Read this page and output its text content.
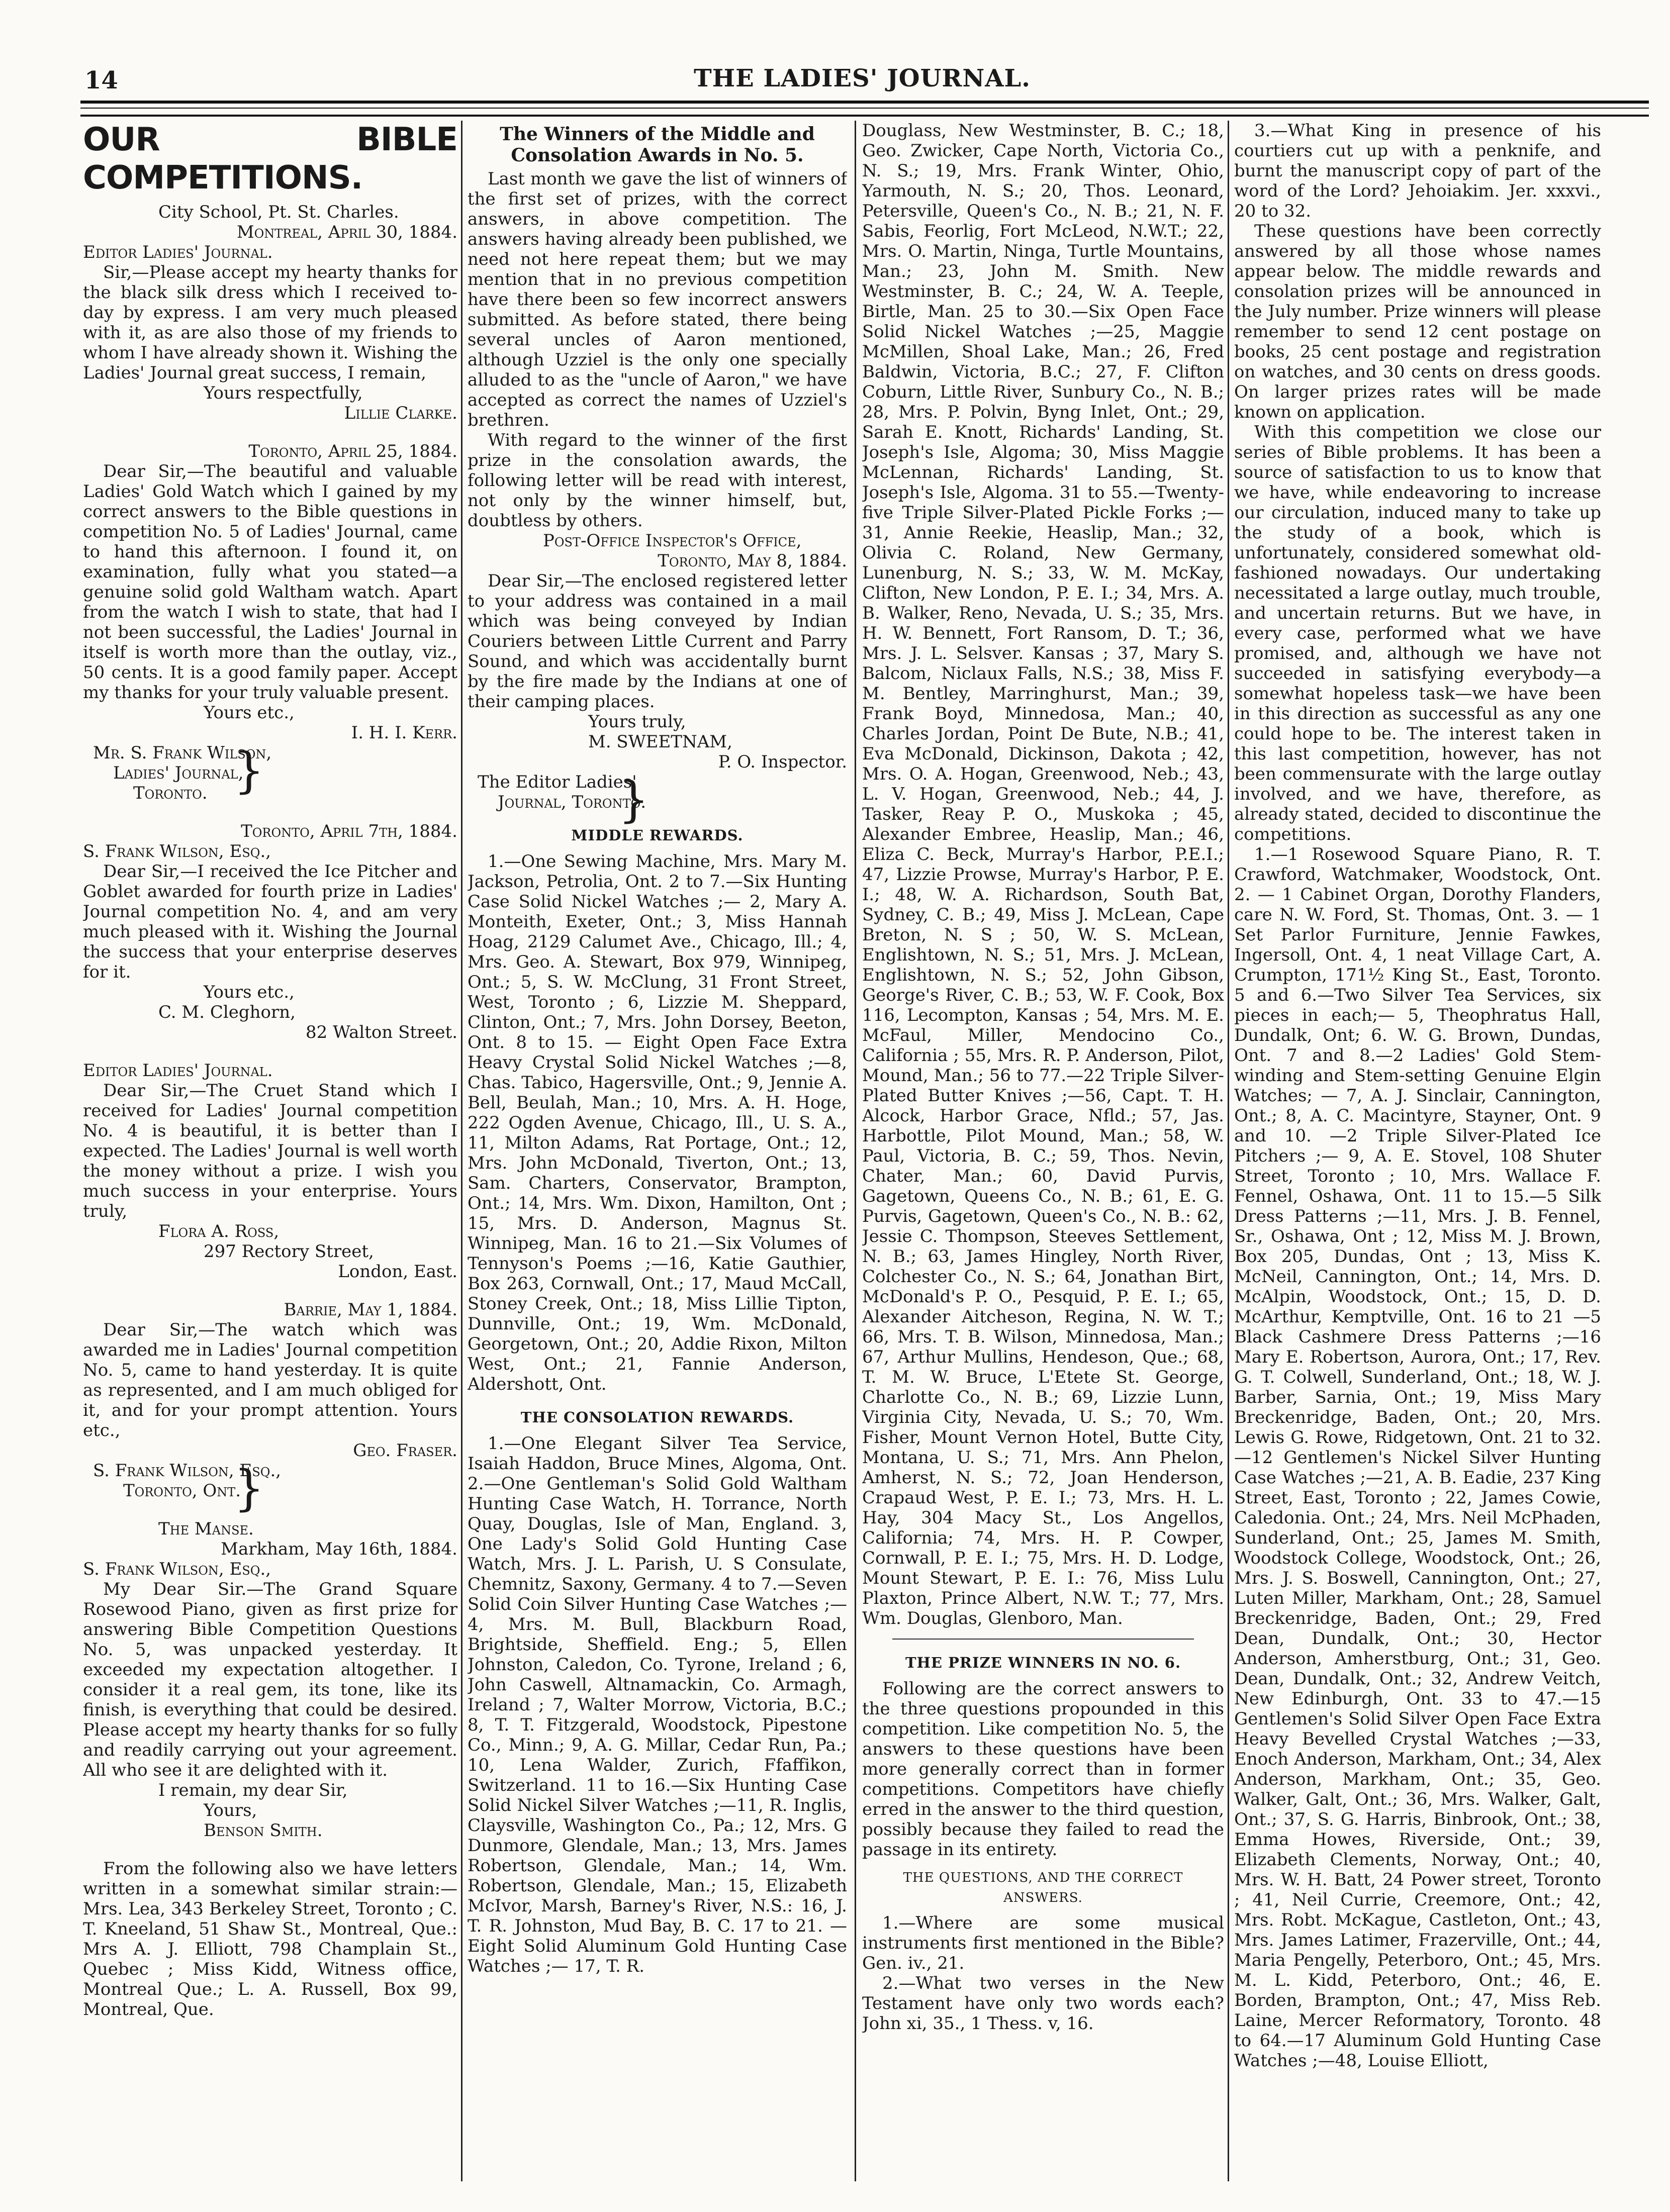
14	THE LADIES' JOURNAL.
OUR BIBLE COMPETITIONS.
City School, Pt. St. Charles.
Montreal, April 30, 1884.
Editor Ladies' Journal.

Sir,—Please accept my hearty thanks for the black silk dress which I received to-day by express. I am very much pleased with it, as are also those of my friends to whom I have already shown it. Wishing the Ladies' Journal great success, I remain,

Yours respectfully,
Lillie Clarke.
Toronto, April 25, 1884.

Dear Sir,—The beautiful and valuable Ladies' Gold Watch which I gained by my correct answers to the Bible questions in competition No. 5 of Ladies' Journal, came to hand this afternoon. I found it, on examination, fully what you stated—a genuine solid gold Waltham watch. Apart from the watch I wish to state, that had I not been successful, the Ladies' Journal in itself is worth more than the outlay, viz., 50 cents. It is a good family paper. Accept my thanks for your truly valuable present.

Yours etc.,
I. H. I. Kerr.
Mr. S. Frank Wilson,
Ladies' Journal,
Toronto.
}
Toronto, April 7th, 1884.
S. Frank Wilson, Esq.,

Dear Sir,—I received the Ice Pitcher and Goblet awarded for fourth prize in Ladies' Journal competition No. 4, and am very much pleased with it. Wishing the Journal the success that your enterprise deserves for it.

Yours etc.,
C. M. Cleghorn,
82 Walton Street.
Editor Ladies' Journal.

Dear Sir,—The Cruet Stand which I received for Ladies' Journal competition No. 4 is beautiful, it is better than I expected. The Ladies' Journal is well worth the money without a prize. I wish you much success in your enterprise. Yours truly,

Flora A. Ross,
297 Rectory Street,
London, East.
Barrie, May 1, 1884.

Dear Sir,—The watch which was awarded me in Ladies' Journal competition No. 5, came to hand yesterday. It is quite as represented, and I am much obliged for it, and for your prompt attention. Yours etc.,

Geo. Fraser.
S. Frank Wilson, Esq.,
Toronto, Ont.
}
The Manse.
Markham, May 16th, 1884.
S. Frank Wilson, Esq.,

My Dear Sir.—The Grand Square Rosewood Piano, given as first prize for answering Bible Competition Questions No. 5, was unpacked yesterday. It exceeded my expectation altogether. I consider it a real gem, its tone, like its finish, is everything that could be desired. Please accept my hearty thanks for so fully and readily carrying out your agreement. All who see it are delighted with it.

I remain, my dear Sir,
Yours,
Benson Smith.

From the following also we have letters written in a somewhat similar strain:— Mrs. Lea, 343 Berkeley Street, Toronto ; C. T. Kneeland, 51 Shaw St., Montreal, Que.: Mrs A. J. Elliott, 798 Champlain St., Quebec ; Miss Kidd, Witness office, Montreal Que.; L. A. Russell, Box 99, Montreal, Que.

The Winners of the Middle and Consolation Awards in No. 5.

Last month we gave the list of winners of the first set of prizes, with the correct answers, in above competition. The answers having already been published, we need not here repeat them; but we may mention that in no previous competition have there been so few incorrect answers submitted. As before stated, there being several uncles of Aaron mentioned, although Uzziel is the only one specially alluded to as the "uncle of Aaron," we have accepted as correct the names of Uzziel's brethren.

With regard to the winner of the first prize in the consolation awards, the following letter will be read with interest, not only by the winner himself, but, doubtless by others.

Post-Office Inspector's Office,
Toronto, May 8, 1884.

Dear Sir,—The enclosed registered letter to your address was contained in a mail which was being conveyed by Indian Couriers between Little Current and Parry Sound, and which was accidentally burnt by the fire made by the Indians at one of their camping places.

Yours truly,
M. SWEETNAM,
P. O. Inspector.
The Editor Ladies'
Journal, Toronto.
}
MIDDLE REWARDS.

1.—One Sewing Machine, Mrs. Mary M. Jackson, Petrolia, Ont. 2 to 7.—Six Hunting Case Solid Nickel Watches ;— 2, Mary A. Monteith, Exeter, Ont.; 3, Miss Hannah Hoag, 2129 Calumet Ave., Chicago, Ill.; 4, Mrs. Geo. A. Stewart, Box 979, Winnipeg, Ont.; 5, S. W. McClung, 31 Front Street, West, Toronto ; 6, Lizzie M. Sheppard, Clinton, Ont.; 7, Mrs. John Dorsey, Beeton, Ont. 8 to 15. — Eight Open Face Extra Heavy Crystal Solid Nickel Watches ;—8, Chas. Tabico, Hagersville, Ont.; 9, Jennie A. Bell, Beulah, Man.; 10, Mrs. A. H. Hoge, 222 Ogden Avenue, Chicago, Ill., U. S. A., 11, Milton Adams, Rat Portage, Ont.; 12, Mrs. John McDonald, Tiverton, Ont.; 13, Sam. Charters, Conservator, Brampton, Ont.; 14, Mrs. Wm. Dixon, Hamilton, Ont ; 15, Mrs. D. Anderson, Magnus St. Winnipeg, Man. 16 to 21.—Six Volumes of Tennyson's Poems ;—16, Katie Gauthier, Box 263, Cornwall, Ont.; 17, Maud McCall, Stoney Creek, Ont.; 18, Miss Lillie Tipton, Dunnville, Ont.; 19, Wm. McDonald, Georgetown, Ont.; 20, Addie Rixon, Milton West, Ont.; 21, Fannie Anderson, Aldershott, Ont.

THE CONSOLATION REWARDS.

1.—One Elegant Silver Tea Service, Isaiah Haddon, Bruce Mines, Algoma, Ont. 2.—One Gentleman's Solid Gold Waltham Hunting Case Watch, H. Torrance, North Quay, Douglas, Isle of Man, England. 3, One Lady's Solid Gold Hunting Case Watch, Mrs. J. L. Parish, U. S Consulate, Chemnitz, Saxony, Germany. 4 to 7.—Seven Solid Coin Silver Hunting Case Watches ;— 4, Mrs. M. Bull, Blackburn Road, Brightside, Sheffield. Eng.; 5, Ellen Johnston, Caledon, Co. Tyrone, Ireland ; 6, John Caswell, Altnamackin, Co. Armagh, Ireland ; 7, Walter Morrow, Victoria, B.C.; 8, T. T. Fitzgerald, Woodstock, Pipestone Co., Minn.; 9, A. G. Millar, Cedar Run, Pa.; 10, Lena Walder, Zurich, Ffaffikon, Switzerland. 11 to 16.—Six Hunting Case Solid Nickel Silver Watches ;—11, R. Inglis, Claysville, Washington Co., Pa.; 12, Mrs. G Dunmore, Glendale, Man.; 13, Mrs. James Robertson, Glendale, Man.; 14, Wm. Robertson, Glendale, Man.; 15, Elizabeth McIvor, Marsh, Barney's River, N.S.: 16, J. T. R. Johnston, Mud Bay, B. C. 17 to 21. — Eight Solid Aluminum Gold Hunting Case Watches ;— 17, T. R.

Douglass, New Westminster, B. C.; 18, Geo. Zwicker, Cape North, Victoria Co., N. S.; 19, Mrs. Frank Winter, Ohio, Yarmouth, N. S.; 20, Thos. Leonard, Petersville, Queen's Co., N. B.; 21, N. F. Sabis, Feorlig, Fort McLeod, N.W.T.; 22, Mrs. O. Martin, Ninga, Turtle Mountains, Man.; 23, John M. Smith. New Westminster, B. C.; 24, W. A. Teeple, Birtle, Man. 25 to 30.—Six Open Face Solid Nickel Watches ;—25, Maggie McMillen, Shoal Lake, Man.; 26, Fred Baldwin, Victoria, B.C.; 27, F. Clifton Coburn, Little River, Sunbury Co., N. B.; 28, Mrs. P. Polvin, Byng Inlet, Ont.; 29, Sarah E. Knott, Richards' Landing, St. Joseph's Isle, Algoma; 30, Miss Maggie McLennan, Richards' Landing, St. Joseph's Isle, Algoma. 31 to 55.—Twenty-five Triple Silver-Plated Pickle Forks ;— 31, Annie Reekie, Heaslip, Man.; 32, Olivia C. Roland, New Germany, Lunenburg, N. S.; 33, W. M. McKay, Clifton, New London, P. E. I.; 34, Mrs. A. B. Walker, Reno, Nevada, U. S.; 35, Mrs. H. W. Bennett, Fort Ransom, D. T.; 36, Mrs. J. L. Selsver. Kansas ; 37, Mary S. Balcom, Niclaux Falls, N.S.; 38, Miss F. M. Bentley, Marringhurst, Man.; 39, Frank Boyd, Minnedosa, Man.; 40, Charles Jordan, Point De Bute, N.B.; 41, Eva McDonald, Dickinson, Dakota ; 42, Mrs. O. A. Hogan, Greenwood, Neb.; 43, L. V. Hogan, Greenwood, Neb.; 44, J. Tasker, Reay P. O., Muskoka ; 45, Alexander Embree, Heaslip, Man.; 46, Eliza C. Beck, Murray's Harbor, P.E.I.; 47, Lizzie Prowse, Murray's Harbor, P. E. I.; 48, W. A. Richardson, South Bat, Sydney, C. B.; 49, Miss J. McLean, Cape Breton, N. S ; 50, W. S. McLean, Englishtown, N. S.; 51, Mrs. J. McLean, Englishtown, N. S.; 52, John Gibson, George's River, C. B.; 53, W. F. Cook, Box 116, Lecompton, Kansas ; 54, Mrs. M. E. McFaul, Miller, Mendocino Co., California ; 55, Mrs. R. P. Anderson, Pilot, Mound, Man.; 56 to 77.—22 Triple Silver-Plated Butter Knives ;—56, Capt. T. H. Alcock, Harbor Grace, Nfld.; 57, Jas. Harbottle, Pilot Mound, Man.; 58, W. Paul, Victoria, B. C.; 59, Thos. Nevin, Chater, Man.; 60, David Purvis, Gagetown, Queens Co., N. B.; 61, E. G. Purvis, Gagetown, Queen's Co., N. B.: 62, Jessie C. Thompson, Steeves Settlement, N. B.; 63, James Hingley, North River, Colchester Co., N. S.; 64, Jonathan Birt, McDonald's P. O., Pesquid, P. E. I.; 65, Alexander Aitcheson, Regina, N. W. T.; 66, Mrs. T. B. Wilson, Minnedosa, Man.; 67, Arthur Mullins, Hendeson, Que.; 68, T. M. W. Bruce, L'Etete St. George, Charlotte Co., N. B.; 69, Lizzie Lunn, Virginia City, Nevada, U. S.; 70, Wm. Fisher, Mount Vernon Hotel, Butte City, Montana, U. S.; 71, Mrs. Ann Phelon, Amherst, N. S.; 72, Joan Henderson, Crapaud West, P. E. I.; 73, Mrs. H. L. Hay, 304 Macy St., Los Angellos, California; 74, Mrs. H. P. Cowper, Cornwall, P. E. I.; 75, Mrs. H. D. Lodge, Mount Stewart, P. E. I.: 76, Miss Lulu Plaxton, Prince Albert, N.W. T.; 77, Mrs. Wm. Douglas, Glenboro, Man.

THE PRIZE WINNERS IN NO. 6.

Following are the correct answers to the three questions propounded in this competition. Like competition No. 5, the answers to these questions have been more generally correct than in former competitions. Competitors have chiefly erred in the answer to the third question, possibly because they failed to read the passage in its entirety.

THE QUESTIONS, AND THE CORRECT ANSWERS.

1.—Where are some musical instruments first mentioned in the Bible? Gen. iv., 21.

2.—What two verses in the New Testament have only two words each? John xi, 35., 1 Thess. v, 16.

3.—What King in presence of his courtiers cut up with a penknife, and burnt the manuscript copy of part of the word of the Lord? Jehoiakim. Jer. xxxvi., 20 to 32.

These questions have been correctly answered by all those whose names appear below. The middle rewards and consolation prizes will be announced in the July number. Prize winners will please remember to send 12 cent postage on books, 25 cent postage and registration on watches, and 30 cents on dress goods. On larger prizes rates will be made known on application.

With this competition we close our series of Bible problems. It has been a source of satisfaction to us to know that we have, while endeavoring to increase our circulation, induced many to take up the study of a book, which is unfortunately, considered somewhat old-fashioned nowadays. Our undertaking necessitated a large outlay, much trouble, and uncertain returns. But we have, in every case, performed what we have promised, and, although we have not succeeded in satisfying everybody—a somewhat hopeless task—we have been in this direction as successful as any one could hope to be. The interest taken in this last competition, however, has not been commensurate with the large outlay involved, and we have, therefore, as already stated, decided to discontinue the competitions.

1.—1 Rosewood Square Piano, R. T. Crawford, Watchmaker, Woodstock, Ont. 2. — 1 Cabinet Organ, Dorothy Flanders, care N. W. Ford, St. Thomas, Ont. 3. — 1 Set Parlor Furniture, Jennie Fawkes, Ingersoll, Ont. 4, 1 neat Village Cart, A. Crumpton, 171½ King St., East, Toronto. 5 and 6.—Two Silver Tea Services, six pieces in each;— 5, Theophratus Hall, Dundalk, Ont; 6. W. G. Brown, Dundas, Ont. 7 and 8.—2 Ladies' Gold Stem-winding and Stem-setting Genuine Elgin Watches; — 7, A. J. Sinclair, Cannington, Ont.; 8, A. C. Macintyre, Stayner, Ont. 9 and 10. —2 Triple Silver-Plated Ice Pitchers ;— 9, A. E. Stovel, 108 Shuter Street, Toronto ; 10, Mrs. Wallace F. Fennel, Oshawa, Ont. 11 to 15.—5 Silk Dress Patterns ;—11, Mrs. J. B. Fennel, Sr., Oshawa, Ont ; 12, Miss M. J. Brown, Box 205, Dundas, Ont ; 13, Miss K. McNeil, Cannington, Ont.; 14, Mrs. D. McAlpin, Woodstock, Ont.; 15, D. D. McArthur, Kemptville, Ont. 16 to 21 —5 Black Cashmere Dress Patterns ;—16 Mary E. Robertson, Aurora, Ont.; 17, Rev. G. T. Colwell, Sunderland, Ont.; 18, W. J. Barber, Sarnia, Ont.; 19, Miss Mary Breckenridge, Baden, Ont.; 20, Mrs. Lewis G. Rowe, Ridgetown, Ont. 21 to 32.—12 Gentlemen's Nickel Silver Hunting Case Watches ;—21, A. B. Eadie, 237 King Street, East, Toronto ; 22, James Cowie, Caledonia. Ont.; 24, Mrs. Neil McPhaden, Sunderland, Ont.; 25, James M. Smith, Woodstock College, Woodstock, Ont.; 26, Mrs. J. S. Boswell, Cannington, Ont.; 27, Luten Miller, Markham, Ont.; 28, Samuel Breckenridge, Baden, Ont.; 29, Fred Dean, Dundalk, Ont.; 30, Hector Anderson, Amherstburg, Ont.; 31, Geo. Dean, Dundalk, Ont.; 32, Andrew Veitch, New Edinburgh, Ont. 33 to 47.—15 Gentlemen's Solid Silver Open Face Extra Heavy Bevelled Crystal Watches ;—33, Enoch Anderson, Markham, Ont.; 34, Alex Anderson, Markham, Ont.; 35, Geo. Walker, Galt, Ont.; 36, Mrs. Walker, Galt, Ont.; 37, S. G. Harris, Binbrook, Ont.; 38, Emma Howes, Riverside, Ont.; 39, Elizabeth Clements, Norway, Ont.; 40, Mrs. W. H. Batt, 24 Power street, Toronto ; 41, Neil Currie, Creemore, Ont.; 42, Mrs. Robt. McKague, Castleton, Ont.; 43, Mrs. James Latimer, Frazerville, Ont.; 44, Maria Pengelly, Peterboro, Ont.; 45, Mrs. M. L. Kidd, Peterboro, Ont.; 46, E. Borden, Brampton, Ont.; 47, Miss Reb. Laine, Mercer Reformatory, Toronto. 48 to 64.—17 Aluminum Gold Hunting Case Watches ;—48, Louise Elliott,
